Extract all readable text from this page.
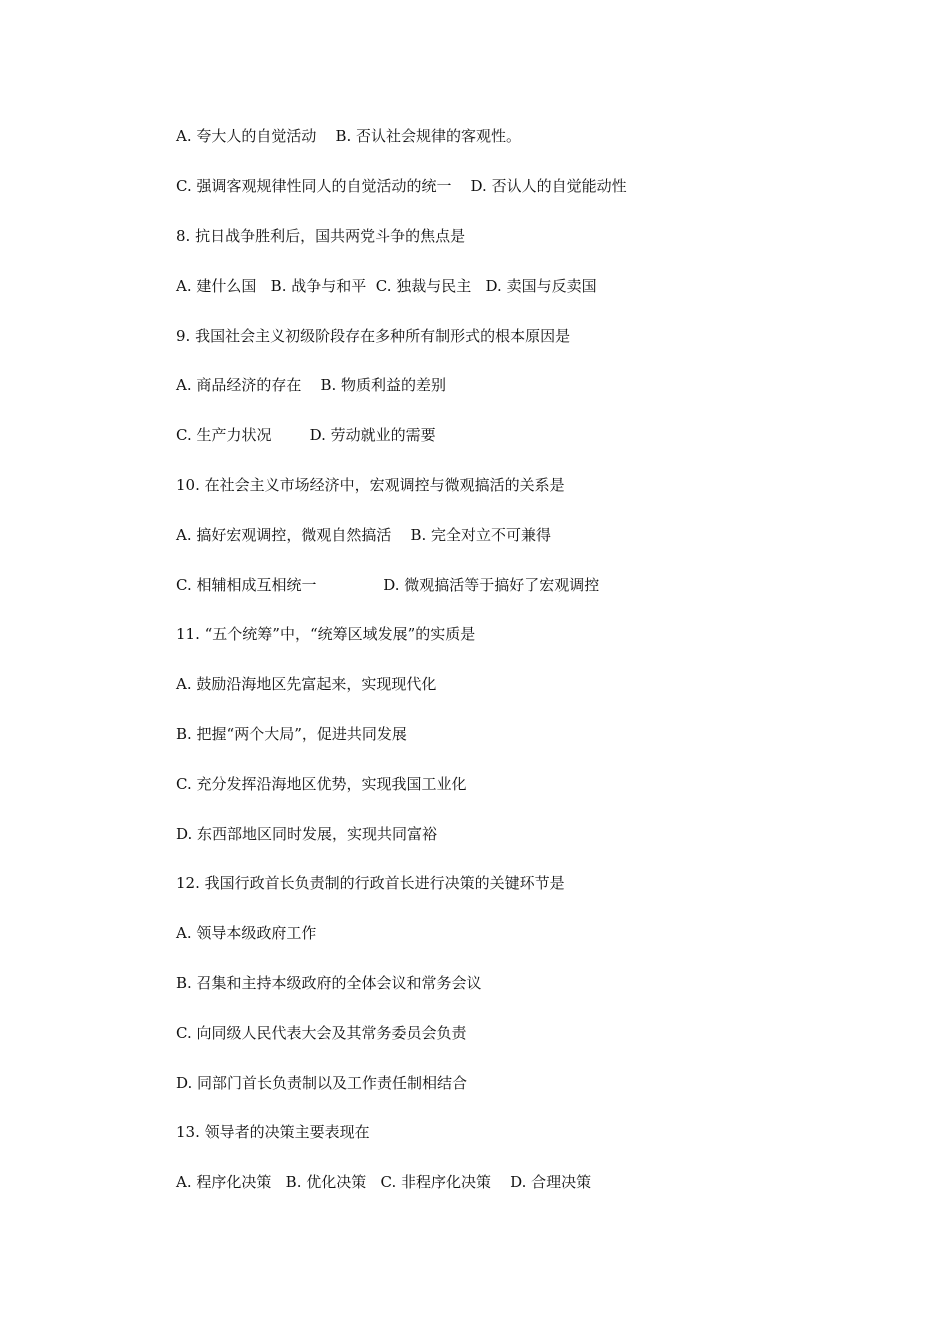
A. 夸大人的自觉活动    B. 否认社会规律的客观性。
C. 强调客观规律性同人的自觉活动的统一    D. 否认人的自觉能动性
8. 抗日战争胜利后，国共两党斗争的焦点是
A. 建什么国   B. 战争与和平  C. 独裁与民主   D. 卖国与反卖国
9. 我国社会主义初级阶段存在多种所有制形式的根本原因是
A. 商品经济的存在    B. 物质利益的差别
C. 生产力状况        D. 劳动就业的需要
10. 在社会主义市场经济中，宏观调控与微观搞活的关系是
A. 搞好宏观调控，微观自然搞活    B. 完全对立不可兼得
C. 相辅相成互相统一              D. 微观搞活等于搞好了宏观调控
11. “五个统筹”中，“统筹区域发展”的实质是
A. 鼓励沿海地区先富起来，实现现代化
B. 把握“两个大局”，促进共同发展
C. 充分发挥沿海地区优势，实现我国工业化
D. 东西部地区同时发展，实现共同富裕
12. 我国行政首长负责制的行政首长进行决策的关键环节是
A. 领导本级政府工作
B. 召集和主持本级政府的全体会议和常务会议
C. 向同级人民代表大会及其常务委员会负责
D. 同部门首长负责制以及工作责任制相结合
13. 领导者的决策主要表现在
A. 程序化决策   B. 优化决策   C. 非程序化决策    D. 合理决策
